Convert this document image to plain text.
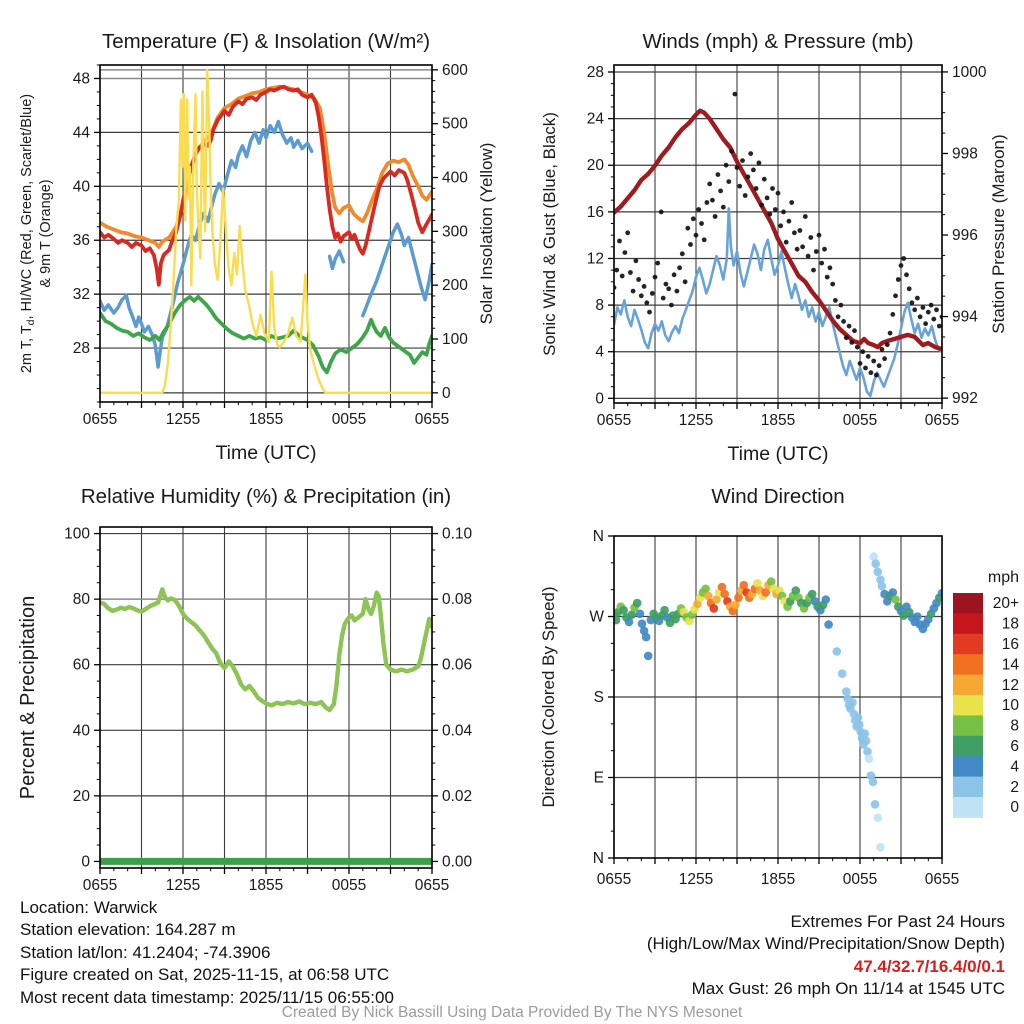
0655	1255	1855	0055	0655
28
32
36
40
44
48
0
100
200
300
400
500
600
Temperature (F) & Insolation (W/m²)
Time (UTC)
2m T, $T_d$, HI/WC (Red, Green, Scarlet/Blue) & 9m T (Orange)	Solar Insolation (Yellow)
0655	1255	1855	0055	0655
0
4
8
12
16
20
24
28
992
994
996
998
1000
Winds (mph) & Pressure (mb)
Time (UTC)
Sonic Wind & Gust (Blue, Black)	Station Pressure (Maroon)
0655	1255	1855	0055	0655
0
20
40
60
80
100
0.00
0.02
0.04
0.06
0.08
0.10
Relative Humidity (%) & Precipitation (in)
Percent & Precipitation
0655	1255	1855	0055	0655
N
W
S
E
N
Wind Direction
Direction (Colored By Speed)
mph
20+
18
16
14
12
10
8
6
4
2
0
Location: Warwick
Station elevation: 164.287 m
Station lat/lon: 41.2404; -74.3906
Figure created on Sat, 2025-11-15, at 06:58 UTC
Most recent data timestamp: 2025/11/15 06:55:00
Extremes For Past 24 Hours
(High/Low/Max Wind/Precipitation/Snow Depth)
47.4/32.7/16.4/0/0.1
Max Gust: 26 mph On 11/14 at 1545 UTC
Created By Nick Bassill Using Data Provided By The NYS Mesonet
